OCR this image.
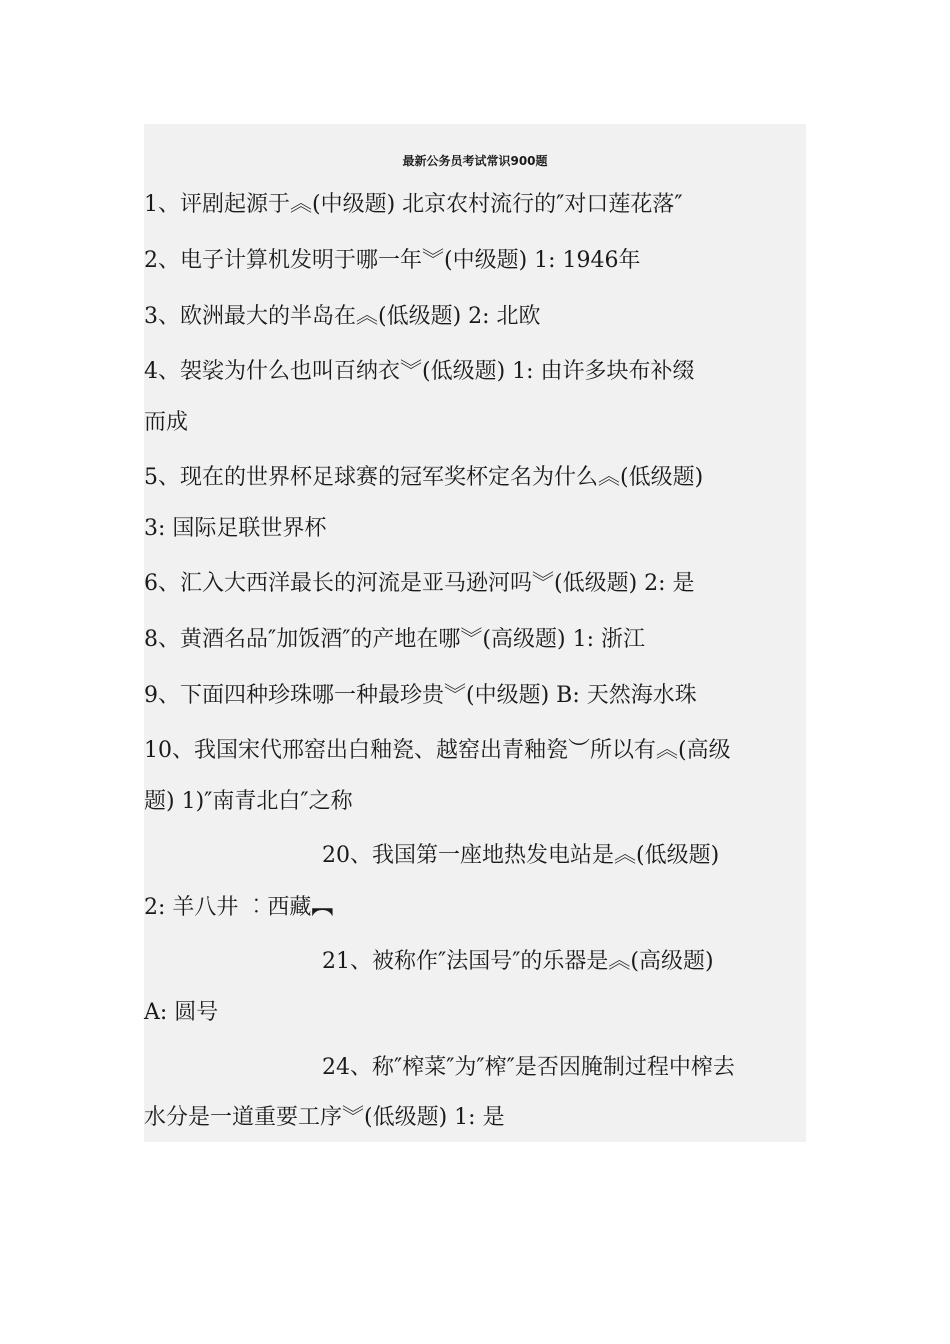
最新公务员考试常识900题
1、评剧起源于︽(中级题) 北京农村流行的″对口莲花落″
2、电子计算机发明于哪一年︾(中级题) 1: 1946年
3、欧洲最大的半岛在︽(低级题) 2: 北欧
4、袈裟为什么也叫百纳衣︾(低级题) 1: 由许多块布补缀
而成
5、现在的世界杯足球赛的冠军奖杯定名为什么︽(低级题)
3: 国际足联世界杯
6、汇入大西洋最长的河流是亚马逊河吗︾(低级题) 2: 是
8、黄酒名品″加饭酒″的产地在哪︾(高级题) 1: 浙江
9、下面四种珍珠哪一种最珍贵︾(中级题) B: 天然海水珠
10、我国宋代邢窑出白釉瓷、越窑出青釉瓷︶所以有︽(高级
题) 1)″南青北白″之称
20、我国第一座地热发电站是︽(低级题)
2: 羊八井 ︰西藏︻
21、被称作″法国号″的乐器是︽(高级题)
A: 圆号
24、称″榨菜″为″榨″是否因腌制过程中榨去
水分是一道重要工序︾(低级题) 1: 是
